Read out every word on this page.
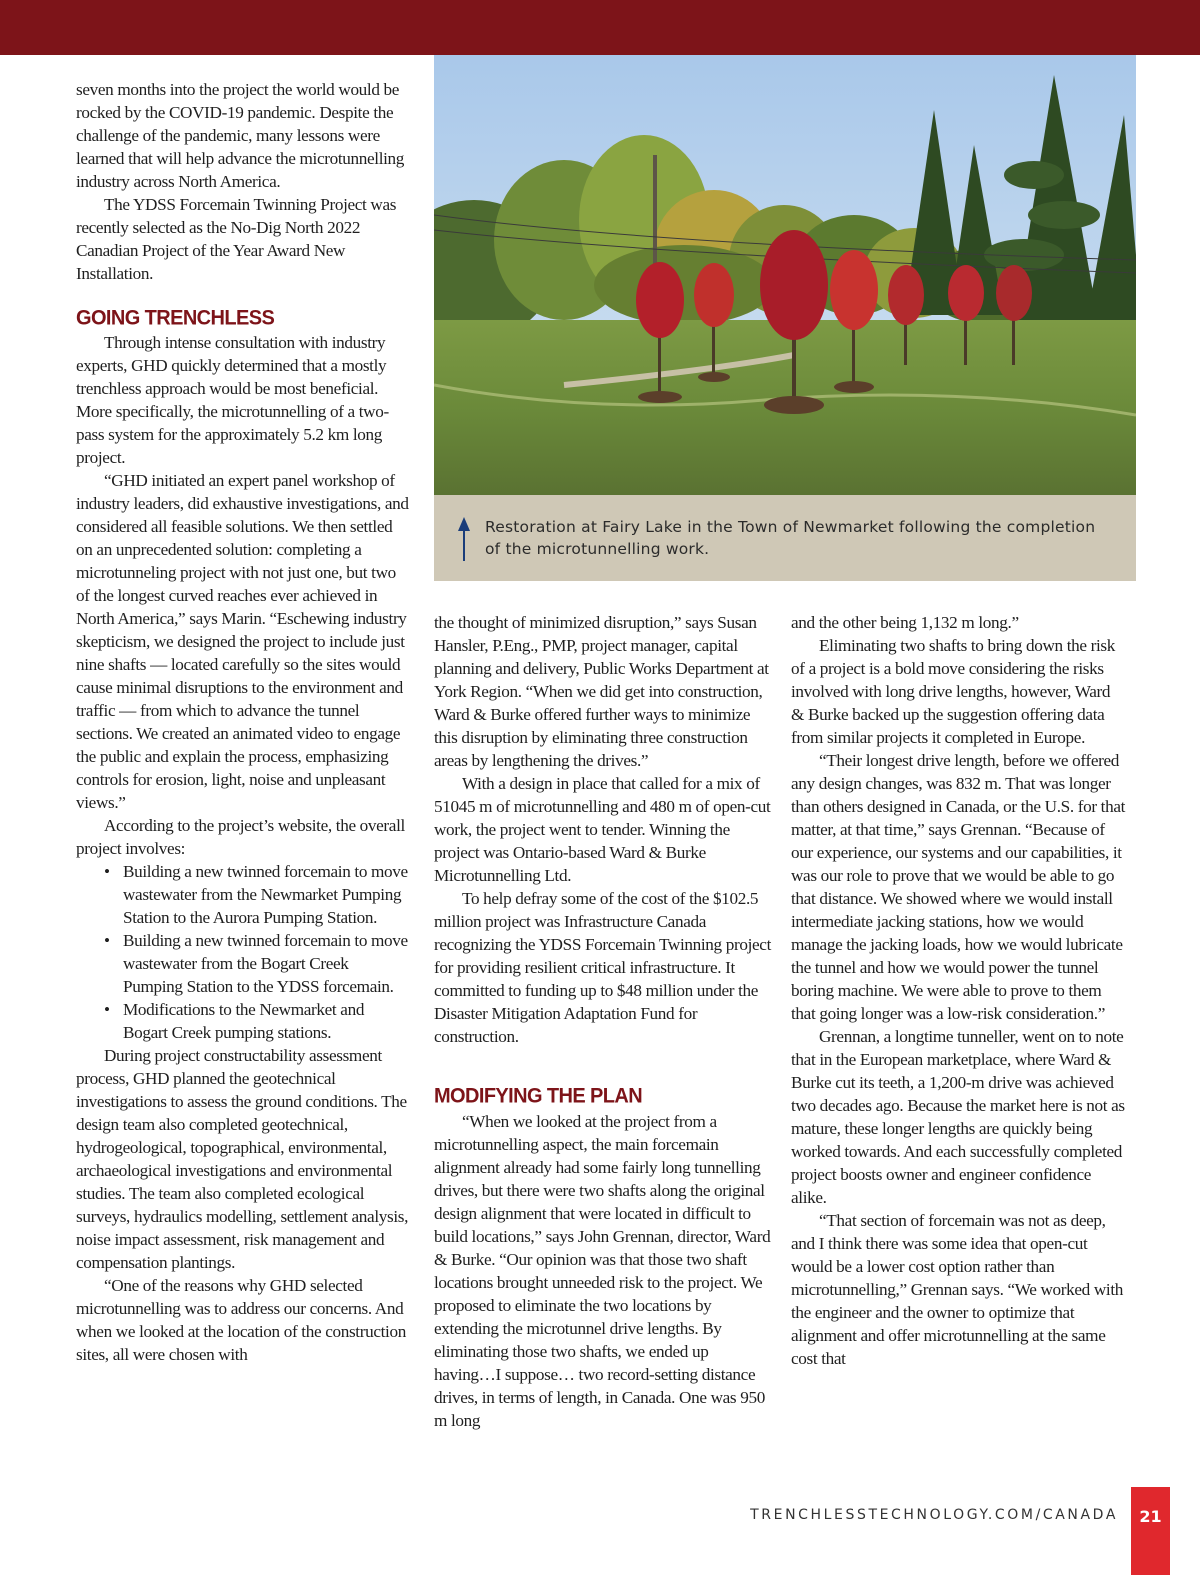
seven months into the project the world would be rocked by the COVID-19 pandemic. Despite the challenge of the pandemic, many lessons were learned that will help advance the microtunnelling industry across North America.

The YDSS Forcemain Twinning Project was recently selected as the No-Dig North 2022 Canadian Project of the Year Award New Installation.

GOING TRENCHLESS

Through intense consultation with industry experts, GHD quickly determined that a mostly trenchless approach would be most beneficial. More specifically, the microtunnelling of a two-pass system for the approximately 5.2 km long project.

“GHD initiated an expert panel workshop of industry leaders, did exhaustive investigations, and considered all feasible solutions. We then settled on an unprecedented solution: completing a microtunneling project with not just one, but two of the longest curved reaches ever achieved in North America,” says Marin. “Eschewing industry skepticism, we designed the project to include just nine shafts — located carefully so the sites would cause minimal disruptions to the environment and traffic — from which to advance the tunnel sections. We created an animated video to engage the public and explain the process, emphasizing controls for erosion, light, noise and unpleasant views.”

According to the project’s website, the overall project involves:

• Building a new twinned forcemain to move wastewater from the Newmarket Pumping Station to the Aurora Pumping Station.
• Building a new twinned forcemain to move wastewater from the Bogart Creek Pumping Station to the YDSS forcemain.
• Modifications to the Newmarket and Bogart Creek pumping stations.

During project constructability assessment process, GHD planned the geotechnical investigations to assess the ground conditions. The design team also completed geotechnical, hydrogeological, topographical, environmental, archaeological investigations and environmental studies. The team also completed ecological surveys, hydraulics modelling, settlement analysis, noise impact assessment, risk management and compensation plantings.

“One of the reasons why GHD selected microtunnelling was to address our concerns. And when we looked at the location of the construction sites, all were chosen with

Restoration at Fairy Lake in the Town of Newmarket following the completion of the microtunnelling work.

the thought of minimized disruption,” says Susan Hansler, P.Eng., PMP, project manager, capital planning and delivery, Public Works Department at York Region. “When we did get into construction, Ward & Burke offered further ways to minimize this disruption by eliminating three construction areas by lengthening the drives.”

With a design in place that called for a mix of 51045 m of microtunnelling and 480 m of open-cut work, the project went to tender. Winning the project was Ontario-based Ward & Burke Microtunnelling Ltd.

To help defray some of the cost of the $102.5 million project was Infrastructure Canada recognizing the YDSS Forcemain Twinning project for providing resilient critical infrastructure. It committed to funding up to $48 million under the Disaster Mitigation Adaptation Fund for construction.

MODIFYING THE PLAN

“When we looked at the project from a microtunnelling aspect, the main forcemain alignment already had some fairly long tunnelling drives, but there were two shafts along the original design alignment that were located in difficult to build locations,” says John Grennan, director, Ward & Burke. “Our opinion was that those two shaft locations brought unneeded risk to the project. We proposed to eliminate the two locations by extending the microtunnel drive lengths. By eliminating those two shafts, we ended up having…I suppose… two record-setting distance drives, in terms of length, in Canada. One was 950 m long

and the other being 1,132 m long.”

Eliminating two shafts to bring down the risk of a project is a bold move considering the risks involved with long drive lengths, however, Ward & Burke backed up the suggestion offering data from similar projects it completed in Europe.

“Their longest drive length, before we offered any design changes, was 832 m. That was longer than others designed in Canada, or the U.S. for that matter, at that time,” says Grennan. “Because of our experience, our systems and our capabilities, it was our role to prove that we would be able to go that distance. We showed where we would install intermediate jacking stations, how we would manage the jacking loads, how we would lubricate the tunnel and how we would power the tunnel boring machine. We were able to prove to them that going longer was a low-risk consideration.”

Grennan, a longtime tunneller, went on to note that in the European marketplace, where Ward & Burke cut its teeth, a 1,200-m drive was achieved two decades ago. Because the market here is not as mature, these longer lengths are quickly being worked towards. And each successfully completed project boosts owner and engineer confidence alike.

“That section of forcemain was not as deep, and I think there was some idea that open-cut would be a lower cost option rather than microtunnelling,” Grennan says. “We worked with the engineer and the owner to optimize that alignment and offer microtunnelling at the same cost that

TRENCHLESSTECHNOLOGY.COM/CANADA	21
